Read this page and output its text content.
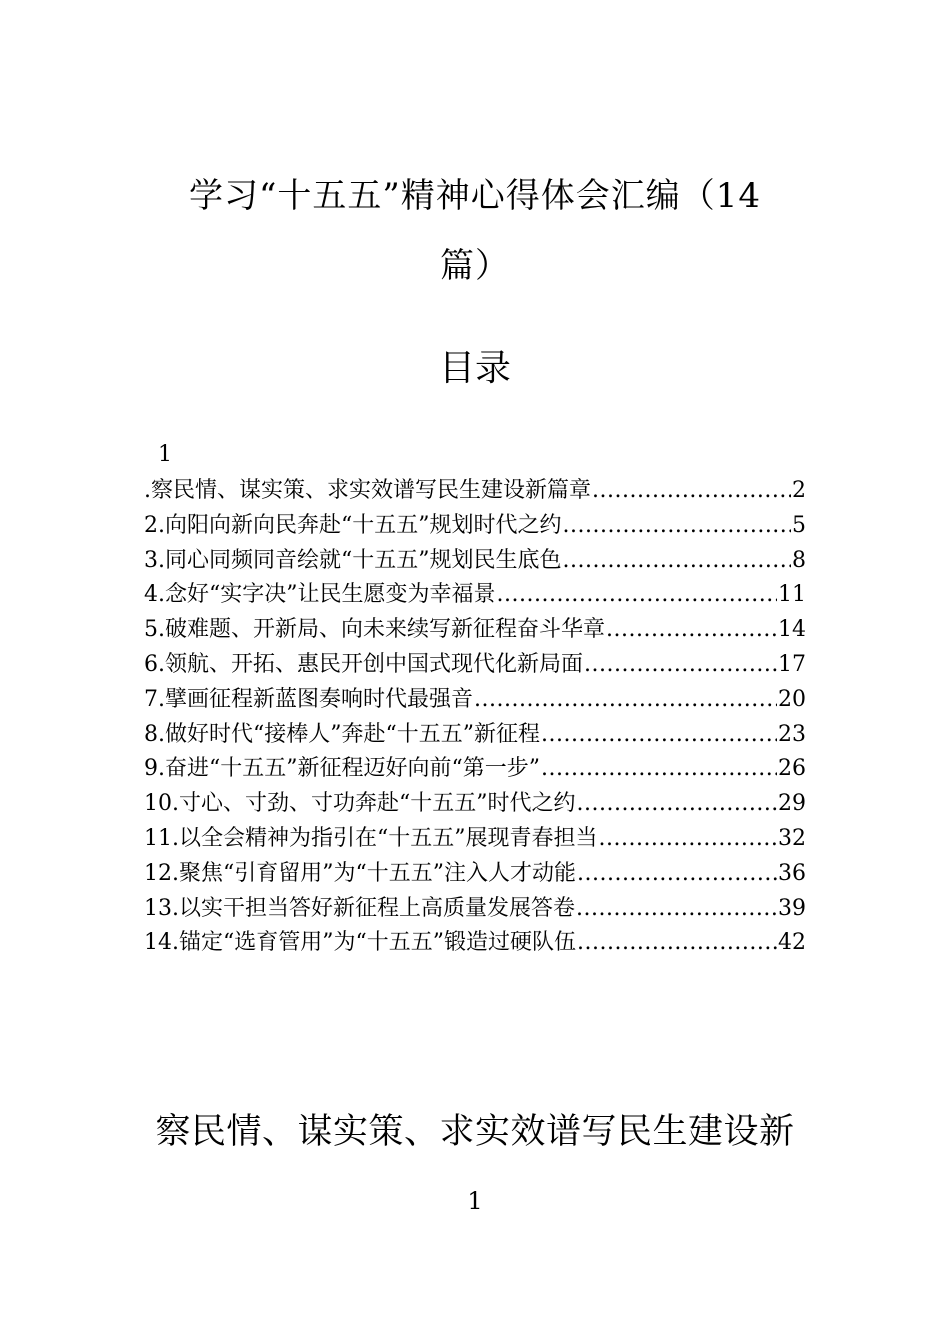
学习“十五五”精神心得体会汇编（14
篇）
目录
1
.察民情、谋实策、求实效谱写民生建设新篇章 .....	2
2.向阳向新向民奔赴“十五五”规划时代之约 .....	5
3.同心同频同音绘就“十五五”规划民生底色 .....	8
4.念好“实字决”让民生愿变为幸福景 .....	11
5.破难题、开新局、向未来续写新征程奋斗华章 .....	14
6.领航、开拓、惠民开创中国式现代化新局面 .....	17
7.擘画征程新蓝图奏响时代最强音 .....	20
8.做好时代“接棒人”奔赴“十五五”新征程 .....	23
9.奋进“十五五”新征程迈好向前“第一步” .....	26
10.寸心、寸劲、寸功奔赴“十五五”时代之约 .....	29
11.以全会精神为指引在“十五五”展现青春担当 .....	32
12.聚焦“引育留用”为“十五五”注入人才动能 .....	36
13.以实干担当答好新征程上高质量发展答卷 .....	39
14.锚定“选育管用”为“十五五”锻造过硬队伍 .....	42
察民情、谋实策、求实效谱写民生建设新
1
